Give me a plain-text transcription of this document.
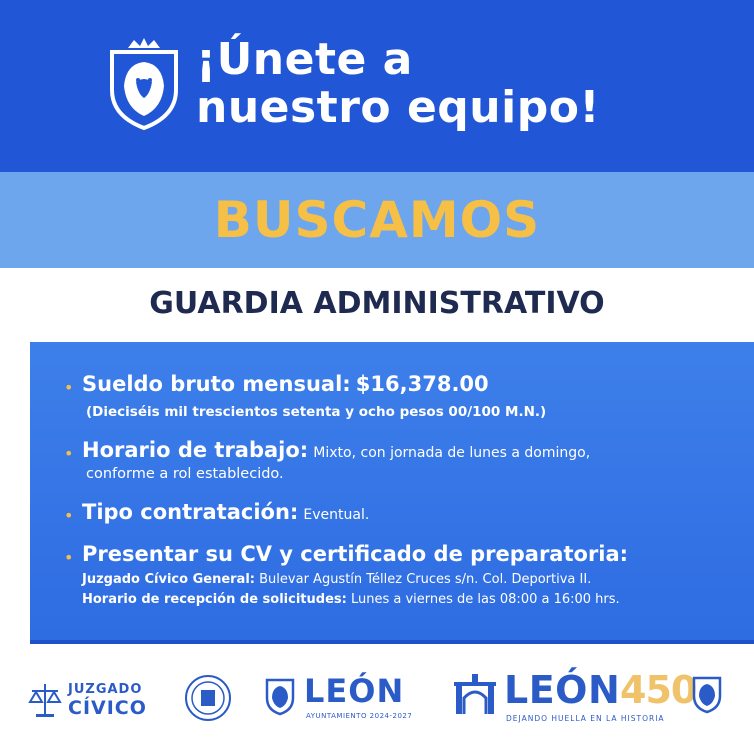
¡Únete a
nuestro equipo!
BUSCAMOS
GUARDIA ADMINISTRATIVO
• Sueldo bruto mensual: $16,378.00
(Dieciséis mil trescientos setenta y ocho pesos 00/100 M.N.)
• Horario de trabajo: Mixto, con jornada de lunes a domingo,
conforme a rol establecido.
• Tipo contratación: Eventual.
• Presentar su CV y certificado de preparatoria:
Juzgado Cívico General: Bulevar Agustín Téllez Cruces s/n. Col. Deportiva II.
Horario de recepción de solicitudes: Lunes a viernes de las 08:00 a 16:00 hrs.
JUZGADO
CÍVICO	LEÓN
AYUNTAMIENTO 2024-2027
LEÓN 450
DEJANDO HUELLA EN LA HISTORIA
